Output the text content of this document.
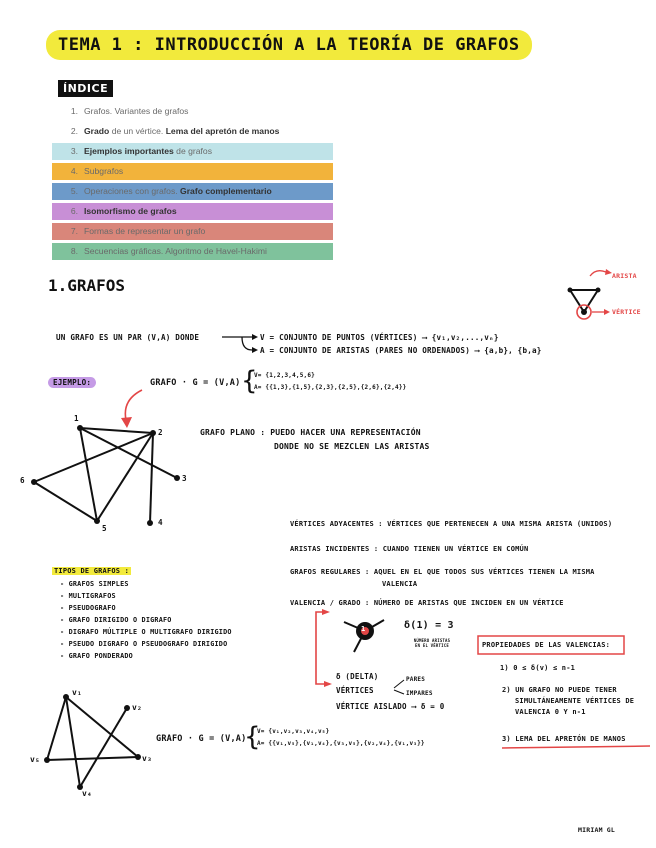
TEMA 1 : INTRODUCCIÓN A LA TEORÍA DE GRAFOS
ÍNDICE
1. Grafos. Variantes de grafos
2. Grado de un vértice. Lema del apretón de manos
3. Ejemplos importantes de grafos
4. Subgrafos
5. Operaciones con grafos. Grafo complementario
6. Isomorfismo de grafos
7. Formas de representar un grafo
8. Secuencias gráficas. Algoritmo de Havel-Hakimi
1.GRAFOS	ARISTA
VÉRTICE
UN GRAFO ES UN PAR (V,A) DONDE	V = CONJUNTO DE PUNTOS (VÉRTICES) ⟶ {v₁,v₂,...,vₙ}
A = CONJUNTO DE ARISTAS (PARES NO ORDENADOS) ⟶ {a,b}, {b,a}
EJEMPLO:	GRAFO · G = (V,A) {
V= {1,2,3,4,5,6}
A= {{1,3},{1,5},{2,3},{2,5},{2,6},{2,4}}
1
2
3
4
5
6
GRAFO PLANO : PUEDO HACER UNA REPRESENTACIÓN
DONDE NO SE MEZCLEN LAS ARISTAS
VÉRTICES ADYACENTES : VÉRTICES QUE PERTENECEN A UNA MISMA ARISTA (UNIDOS)
ARISTAS INCIDENTES : CUANDO TIENEN UN VÉRTICE EN COMÚN
GRAFOS REGULARES : AQUEL EN EL QUE TODOS SUS VÉRTICES TIENEN LA MISMA
VALENCIA
VALENCIA / GRADO : NÚMERO DE ARISTAS QUE INCIDEN EN UN VÉRTICE
TIPOS DE GRAFOS :
- GRAFOS SIMPLES
- MULTIGRAFOS
- PSEUDOGRAFO
- GRAFO DIRIGIDO O DIGRAFO
- DIGRAFO MÚLTIPLE O MULTIGRAFO DIRIGIDO
- PSEUDO DIGRAFO O PSEUDOGRAFO DIRIGIDO
- GRAFO PONDERADO
δ(1) = 3
NÚMERO ARISTAS EN EL VÉRTICE
1
δ (DELTA)
VÉRTICES
PARES
IMPARES
VÉRTICE AISLADO ⟶ δ = 0
PROPIEDADES DE LAS VALENCIAS:
1) 0 ≤ δ(v) ≤ n-1
2) UN GRAFO NO PUEDE TENER
SIMULTÁNEAMENTE VÉRTICES DE
VALENCIA 0 Y n-1
3) LEMA DEL APRETÓN DE MANOS
v₁
v₂
v₃
v₄
v₅
GRAFO · G = (V,A)
{
V= {v₁,v₂,v₃,v₄,v₅}
A= {{v₁,v₅},{v₁,v₄},{v₃,v₅},{v₂,v₄},{v₁,v₃}}
MIRIAM GL
